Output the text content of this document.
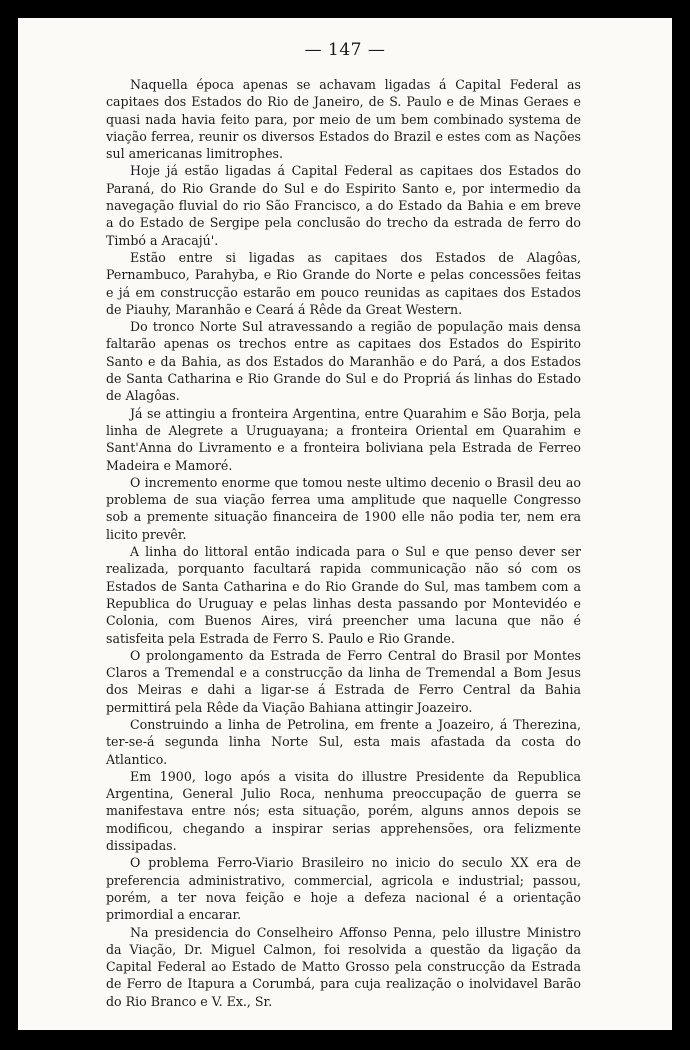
— 147 —

Naquella época apenas se achavam ligadas á Capital Federal as capitaes dos Estados do Rio de Janeiro, de S. Paulo e de Minas Geraes e quasi nada havia feito para, por meio de um bem combinado systema de viação ferrea, reunir os diversos Estados do Brazil e estes com as Nações sul americanas limitrophes.

Hoje já estão ligadas á Capital Federal as capitaes dos Estados do Paraná, do Rio Grande do Sul e do Espirito Santo e, por intermedio da navegação fluvial do rio São Francisco, a do Estado da Bahia e em breve a do Estado de Sergipe pela conclusão do trecho da estrada de ferro do Timbó a Aracajú'.

Estão entre si ligadas as capitaes dos Estados de Alagôas, Pernambuco, Parahyba, e Rio Grande do Norte e pelas concessões feitas e já em construcção estarão em pouco reunidas as capitaes dos Estados de Piauhy, Maranhão e Ceará á Rêde da Great Western.

Do tronco Norte Sul atravessando a região de população mais densa faltarão apenas os trechos entre as capitaes dos Estados do Espirito Santo e da Bahia, as dos Estados do Maranhão e do Pará, a dos Estados de Santa Catharina e Rio Grande do Sul e do Propriá ás linhas do Estado de Alagôas.

Já se attingiu a fronteira Argentina, entre Quarahim e São Borja, pela linha de Alegrete a Uruguayana; a fronteira Oriental em Quarahim e Sant'Anna do Livramento e a fronteira boliviana pela Estrada de Ferreo Madeira e Mamoré.

O incremento enorme que tomou neste ultimo decenio o Brasil deu ao problema de sua viação ferrea uma amplitude que naquelle Congresso sob a premente situação financeira de 1900 elle não podia ter, nem era licito prevêr.

A linha do littoral então indicada para o Sul e que penso dever ser realizada, porquanto facultará rapida communicação não só com os Estados de Santa Catharina e do Rio Grande do Sul, mas tambem com a Republica do Uruguay e pelas linhas desta passando por Montevidéo e Colonia, com Buenos Aires, virá preencher uma lacuna que não é satisfeita pela Estrada de Ferro S. Paulo e Rio Grande.

O prolongamento da Estrada de Ferro Central do Brasil por Montes Claros a Tremendal e a construcção da linha de Tremendal a Bom Jesus dos Meiras e dahi a ligar-se á Estrada de Ferro Central da Bahia permittirá pela Rêde da Viação Bahiana attingir Joazeiro.

Construindo a linha de Petrolina, em frente a Joazeiro, á Therezina, ter-se-á segunda linha Norte Sul, esta mais afastada da costa do Atlantico.

Em 1900, logo após a visita do illustre Presidente da Republica Argentina, General Julio Roca, nenhuma preoccupação de guerra se manifestava entre nós; esta situação, porém, alguns annos depois se modificou, chegando a inspirar serias apprehensões, ora felizmente dissipadas.

O problema Ferro-Viario Brasileiro no inicio do seculo XX era de preferencia administrativo, commercial, agricola e industrial; passou, porém, a ter nova feição e hoje a defeza nacional é a orientação primordial a encarar.

Na presidencia do Conselheiro Affonso Penna, pelo illustre Ministro da Viação, Dr. Miguel Calmon, foi resolvida a questão da ligação da Capital Federal ao Estado de Matto Grosso pela construcção da Estrada de Ferro de Itapura a Corumbá, para cuja realização o inolvidavel Barão do Rio Branco e V. Ex., Sr.
